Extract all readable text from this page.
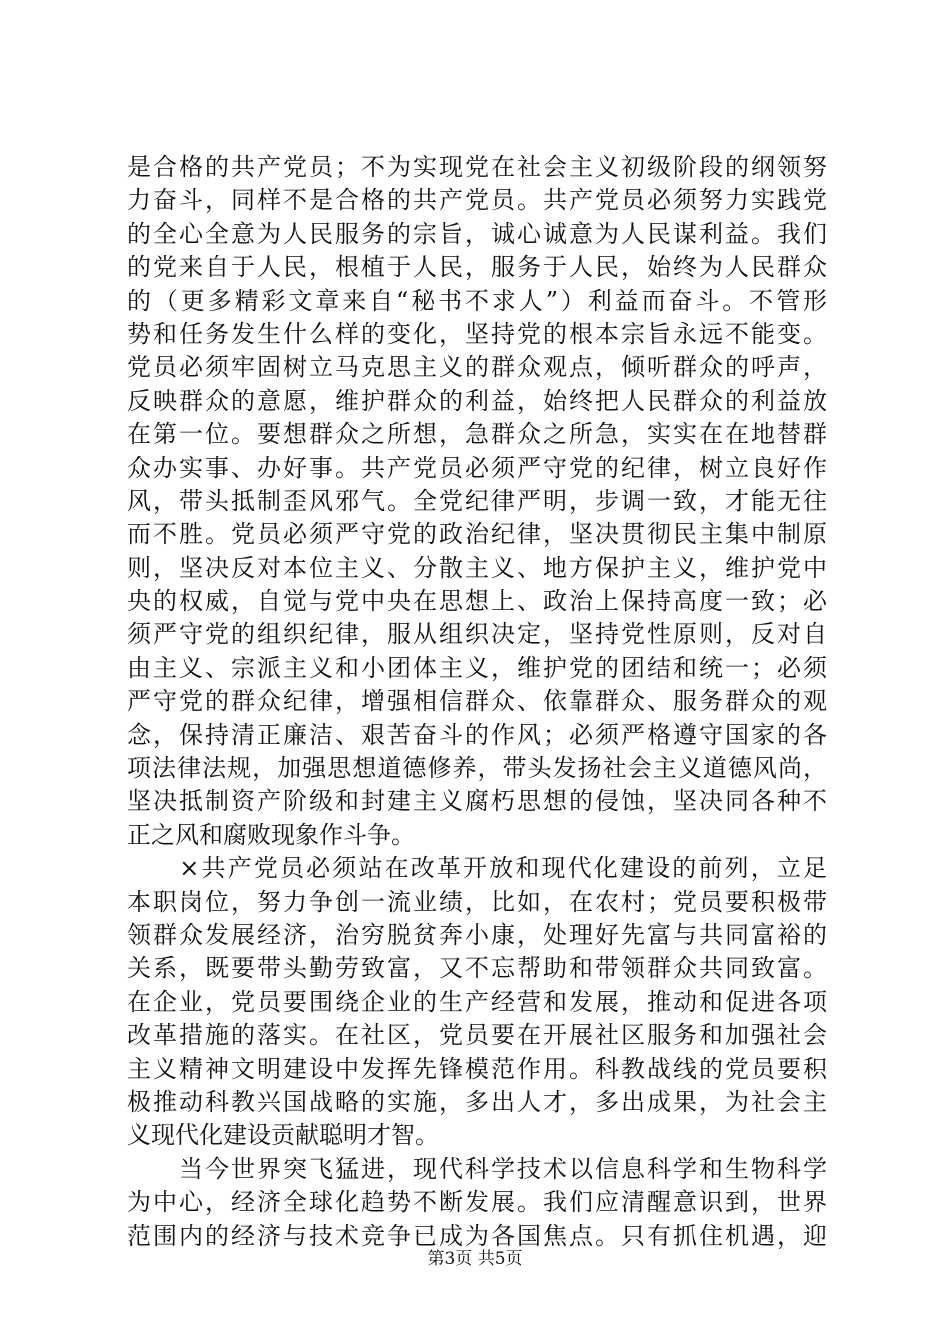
是合格的共产党员；不为实现党在社会主义初级阶段的纲领努
力奋斗，同样不是合格的共产党员。共产党员必须努力实践党
的全心全意为人民服务的宗旨，诚心诚意为人民谋利益。我们
的党来自于人民，根植于人民，服务于人民，始终为人民群众
的（更多精彩文章来自“秘书不求人”）利益而奋斗。不管形
势和任务发生什么样的变化，坚持党的根本宗旨永远不能变。
党员必须牢固树立马克思主义的群众观点，倾听群众的呼声，
反映群众的意愿，维护群众的利益，始终把人民群众的利益放
在第一位。要想群众之所想，急群众之所急，实实在在地替群
众办实事、办好事。共产党员必须严守党的纪律，树立良好作
风，带头抵制歪风邪气。全党纪律严明，步调一致，才能无往
而不胜。党员必须严守党的政治纪律，坚决贯彻民主集中制原
则，坚决反对本位主义、分散主义、地方保护主义，维护党中
央的权威，自觉与党中央在思想上、政治上保持高度一致；必
须严守党的组织纪律，服从组织决定，坚持党性原则，反对自
由主义、宗派主义和小团体主义，维护党的团结和统一；必须
严守党的群众纪律，增强相信群众、依靠群众、服务群众的观
念，保持清正廉洁、艰苦奋斗的作风；必须严格遵守国家的各
项法律法规，加强思想道德修养，带头发扬社会主义道德风尚，
坚决抵制资产阶级和封建主义腐朽思想的侵蚀，坚决同各种不
正之风和腐败现象作斗争。
　　×共产党员必须站在改革开放和现代化建设的前列，立足
本职岗位，努力争创一流业绩，比如，在农村；党员要积极带
领群众发展经济，治穷脱贫奔小康，处理好先富与共同富裕的
关系，既要带头勤劳致富，又不忘帮助和带领群众共同致富。
在企业，党员要围绕企业的生产经营和发展，推动和促进各项
改革措施的落实。在社区，党员要在开展社区服务和加强社会
主义精神文明建设中发挥先锋模范作用。科教战线的党员要积
极推动科教兴国战略的实施，多出人才，多出成果，为社会主
义现代化建设贡献聪明才智。
　　当今世界突飞猛进，现代科学技术以信息科学和生物科学
为中心，经济全球化趋势不断发展。我们应清醒意识到，世界
范围内的经济与技术竞争已成为各国焦点。只有抓住机遇，迎
第3页 共5页
